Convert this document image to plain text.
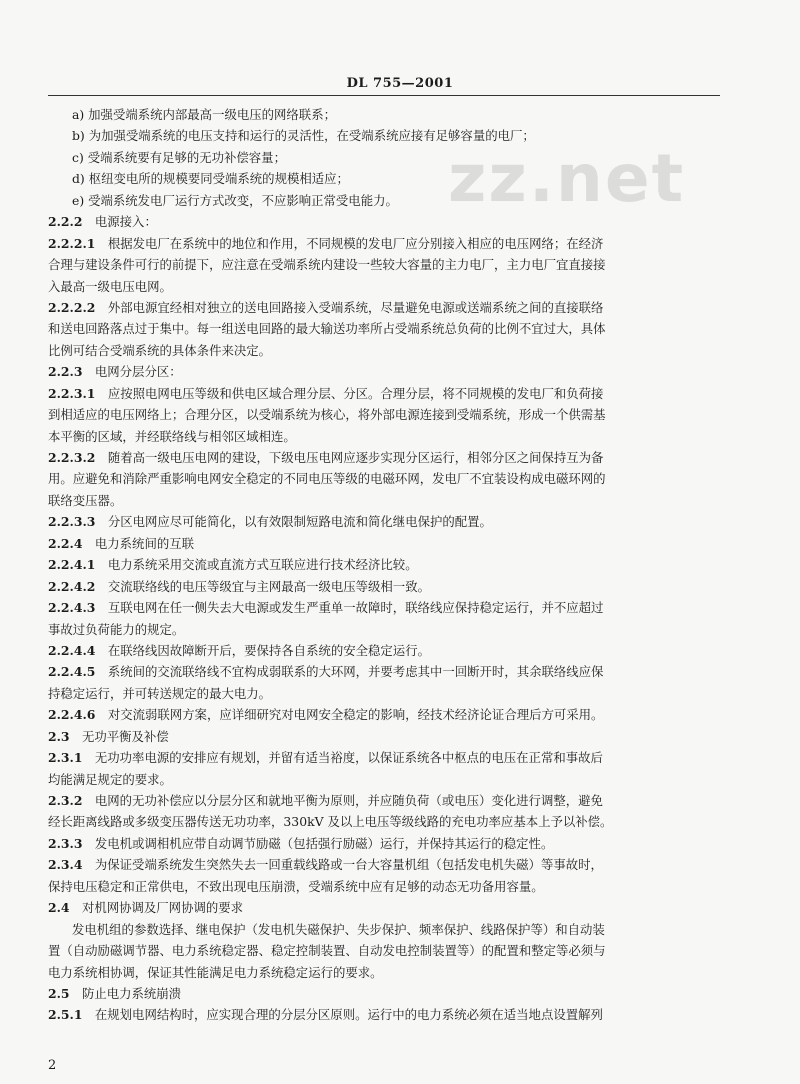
DL 755—2001
zz.net
a) 加强受端系统内部最高一级电压的网络联系；
b) 为加强受端系统的电压支持和运行的灵活性，在受端系统应接有足够容量的电厂；
c) 受端系统要有足够的无功补偿容量；
d) 枢纽变电所的规模要同受端系统的规模相适应；
e) 受端系统发电厂运行方式改变，不应影响正常受电能力。
2.2.2  电源接入：
2.2.2.1  根据发电厂在系统中的地位和作用，不同规模的发电厂应分别接入相应的电压网络；在经济
合理与建设条件可行的前提下，应注意在受端系统内建设一些较大容量的主力电厂，主力电厂宜直接接
入最高一级电压电网。
2.2.2.2  外部电源宜经相对独立的送电回路接入受端系统，尽量避免电源或送端系统之间的直接联络
和送电回路落点过于集中。每一组送电回路的最大输送功率所占受端系统总负荷的比例不宜过大，具体
比例可结合受端系统的具体条件来决定。
2.2.3  电网分层分区：
2.2.3.1  应按照电网电压等级和供电区域合理分层、分区。合理分层，将不同规模的发电厂和负荷接
到相适应的电压网络上；合理分区，以受端系统为核心，将外部电源连接到受端系统，形成一个供需基
本平衡的区域，并经联络线与相邻区域相连。
2.2.3.2  随着高一级电压电网的建设，下级电压电网应逐步实现分区运行，相邻分区之间保持互为备
用。应避免和消除严重影响电网安全稳定的不同电压等级的电磁环网，发电厂不宜装设构成电磁环网的
联络变压器。
2.2.3.3  分区电网应尽可能简化，以有效限制短路电流和简化继电保护的配置。
2.2.4  电力系统间的互联
2.2.4.1  电力系统采用交流或直流方式互联应进行技术经济比较。
2.2.4.2  交流联络线的电压等级宜与主网最高一级电压等级相一致。
2.2.4.3  互联电网在任一侧失去大电源或发生严重单一故障时，联络线应保持稳定运行，并不应超过
事故过负荷能力的规定。
2.2.4.4  在联络线因故障断开后，要保持各自系统的安全稳定运行。
2.2.4.5  系统间的交流联络线不宜构成弱联系的大环网，并要考虑其中一回断开时，其余联络线应保
持稳定运行，并可转送规定的最大电力。
2.2.4.6  对交流弱联网方案，应详细研究对电网安全稳定的影响，经技术经济论证合理后方可采用。
2.3  无功平衡及补偿
2.3.1  无功功率电源的安排应有规划，并留有适当裕度，以保证系统各中枢点的电压在正常和事故后
均能满足规定的要求。
2.3.2  电网的无功补偿应以分层分区和就地平衡为原则，并应随负荷（或电压）变化进行调整，避免
经长距离线路或多级变压器传送无功功率，330kV 及以上电压等级线路的充电功率应基本上予以补偿。
2.3.3  发电机或调相机应带自动调节励磁（包括强行励磁）运行，并保持其运行的稳定性。
2.3.4  为保证受端系统发生突然失去一回重载线路或一台大容量机组（包括发电机失磁）等事故时，
保持电压稳定和正常供电，不致出现电压崩溃，受端系统中应有足够的动态无功备用容量。
2.4  对机网协调及厂网协调的要求
发电机组的参数选择、继电保护（发电机失磁保护、失步保护、频率保护、线路保护等）和自动装
置（自动励磁调节器、电力系统稳定器、稳定控制装置、自动发电控制装置等）的配置和整定等必须与
电力系统相协调，保证其性能满足电力系统稳定运行的要求。
2.5  防止电力系统崩溃
2.5.1  在规划电网结构时，应实现合理的分层分区原则。运行中的电力系统必须在适当地点设置解列
2
